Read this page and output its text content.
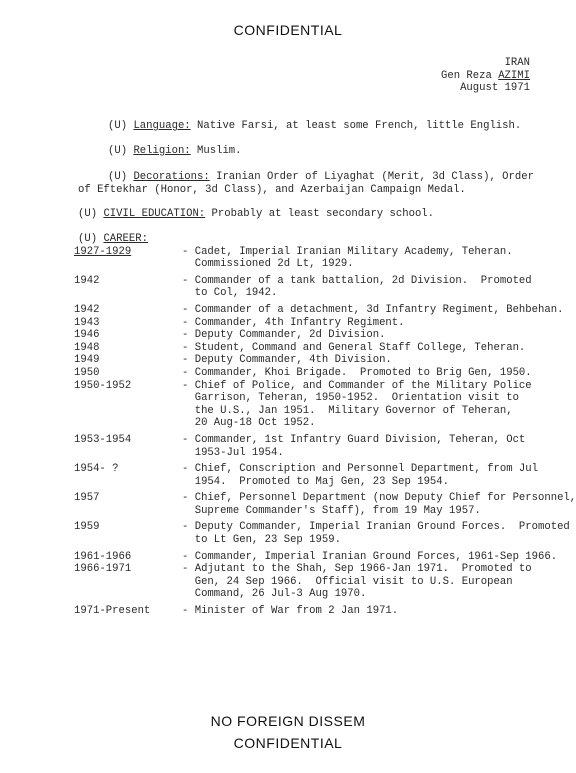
CONFIDENTIAL
IRAN
Gen Reza AZIMI
August 1971
(U) Language: Native Farsi, at least some French, little English.
(U) Religion: Muslim.
(U) Decorations: Iranian Order of Liyaghat (Merit, 3d Class), Order
of Eftekhar (Honor, 3d Class), and Azerbaijan Campaign Medal.
(U) CIVIL EDUCATION: Probably at least secondary school.
(U) CAREER:
1927-1929	- Cadet, Imperial Iranian Military Academy, Teheran.
Commissioned 2d Lt, 1929.
1942	- Commander of a tank battalion, 2d Division.  Promoted
to Col, 1942.
1942	- Commander of a detachment, 3d Infantry Regiment, Behbehan.
1943	- Commander, 4th Infantry Regiment.
1946	- Deputy Commander, 2d Division.
1948	- Student, Command and General Staff College, Teheran.
1949	- Deputy Commander, 4th Division.
1950	- Commander, Khoi Brigade.  Promoted to Brig Gen, 1950.
1950-1952	- Chief of Police, and Commander of the Military Police
Garrison, Teheran, 1950-1952.  Orientation visit to
the U.S., Jan 1951.  Military Governor of Teheran,
20 Aug-18 Oct 1952.
1953-1954	- Commander, 1st Infantry Guard Division, Teheran, Oct
1953-Jul 1954.
1954- ?	- Chief, Conscription and Personnel Department, from Jul
1954.  Promoted to Maj Gen, 23 Sep 1954.
1957	- Chief, Personnel Department (now Deputy Chief for Personnel,
Supreme Commander's Staff), from 19 May 1957.
1959	- Deputy Commander, Imperial Iranian Ground Forces.  Promoted
to Lt Gen, 23 Sep 1959.
1961-1966	- Commander, Imperial Iranian Ground Forces, 1961-Sep 1966.
1966-1971	- Adjutant to the Shah, Sep 1966-Jan 1971.  Promoted to
Gen, 24 Sep 1966.  Official visit to U.S. European
Command, 26 Jul-3 Aug 1970.
1971-Present	- Minister of War from 2 Jan 1971.
NO FOREIGN DISSEM
CONFIDENTIAL
